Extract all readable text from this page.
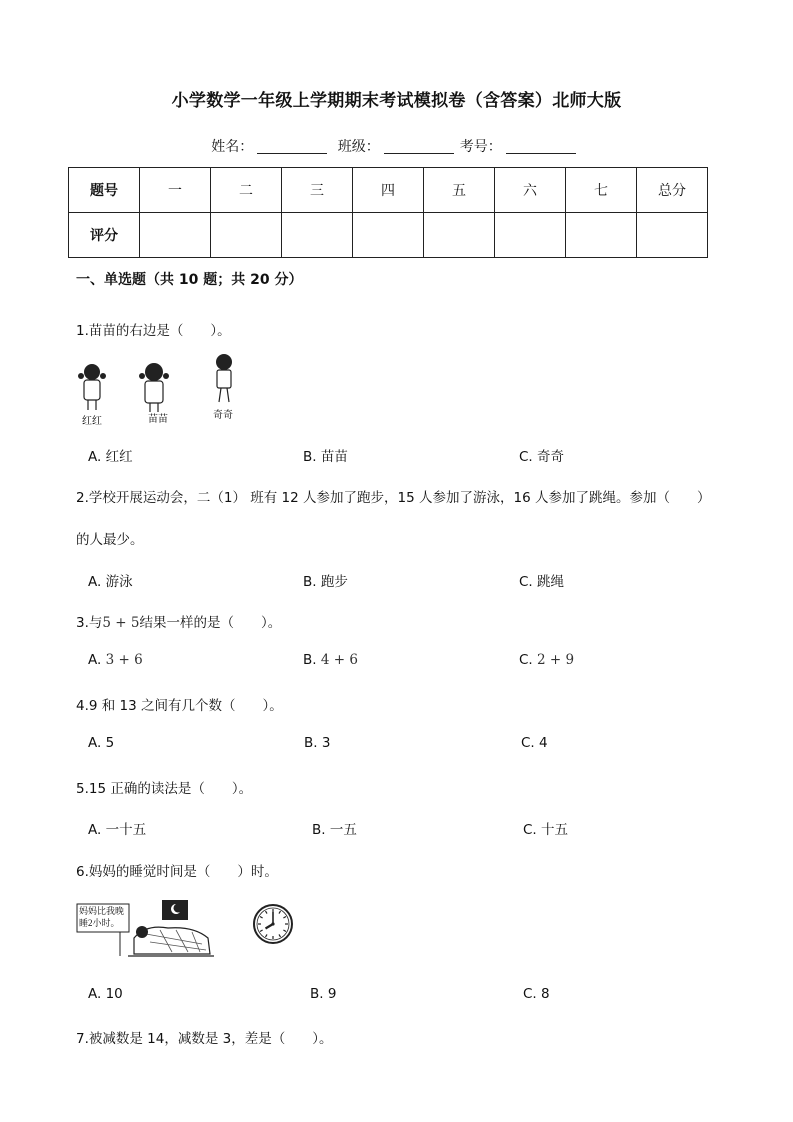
小学数学一年级上学期期末考试模拟卷（含答案）北师大版
姓名：	班级：	考号：
题号	一	二	三	四	五	六	七	总分
评分								
一、单选题（共 10 题；共 20 分）
1.苗苗的右边是（　　）。
红红	苗苗	奇奇
A. 红红	B. 苗苗	C. 奇奇
2.学校开展运动会，二（1） 班有 12 人参加了跑步，15 人参加了游泳，16 人参加了跳绳。参加（　　）
的人最少。
A. 游泳	B. 跑步	C. 跳绳
3.与5 + 5结果一样的是（　　）。
A. 3 + 6	B. 4 + 6	C. 2 + 9
4.9 和 13 之间有几个数（　　）。
A. 5	B. 3	C. 4
5.15 正确的读法是（　　）。
A. 一十五	B. 一五	C. 十五
6.妈妈的睡觉时间是（　　）时。
妈妈比我晚睡2小时。
A. 10	B. 9	C. 8
7.被减数是 14，减数是 3，差是（　　）。
